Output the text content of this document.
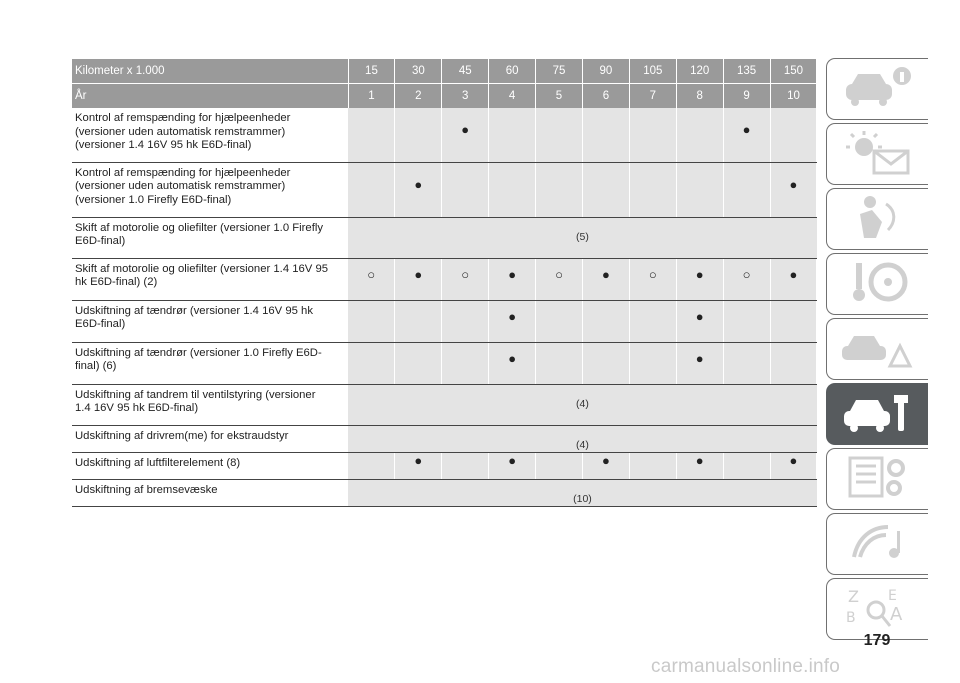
Kilometer x 1.000	15	30	45	60	75	90	105	120	135	150
År	1	2	3	4	5	6	7	8	9	10
Kontrol af remspænding for hjælpeenheder
(versioner uden automatisk remstrammer)
(versioner 1.4 16V 95 hk E6D-final)			●						●	
Kontrol af remspænding for hjælpeenheder
(versioner uden automatisk remstrammer)
(versioner 1.0 Firefly E6D-final)		●								●
Skift af motorolie og oliefilter (versioner 1.0 Firefly
E6D-final)	(5)									
Skift af motorolie og oliefilter (versioner 1.4 16V 95
hk E6D-final) (2)	○	●	○	●	○	●	○	●	○	●
Udskiftning af tændrør (versioner 1.4 16V 95 hk
E6D-final)				●				●		
Udskiftning af tændrør (versioner 1.0 Firefly E6D-
final) (6)				●				●		
Udskiftning af tandrem til ventilstyring (versioner
1.4 16V 95 hk E6D-final)	(4)									
Udskiftning af drivrem(me) for ekstraudstyr	(4)									
Udskiftning af luftfilterelement (8)		●		●		●		●		●
Udskiftning af bremsevæske	(10)									
Z E
A
B
179
carmanualsonline.info
